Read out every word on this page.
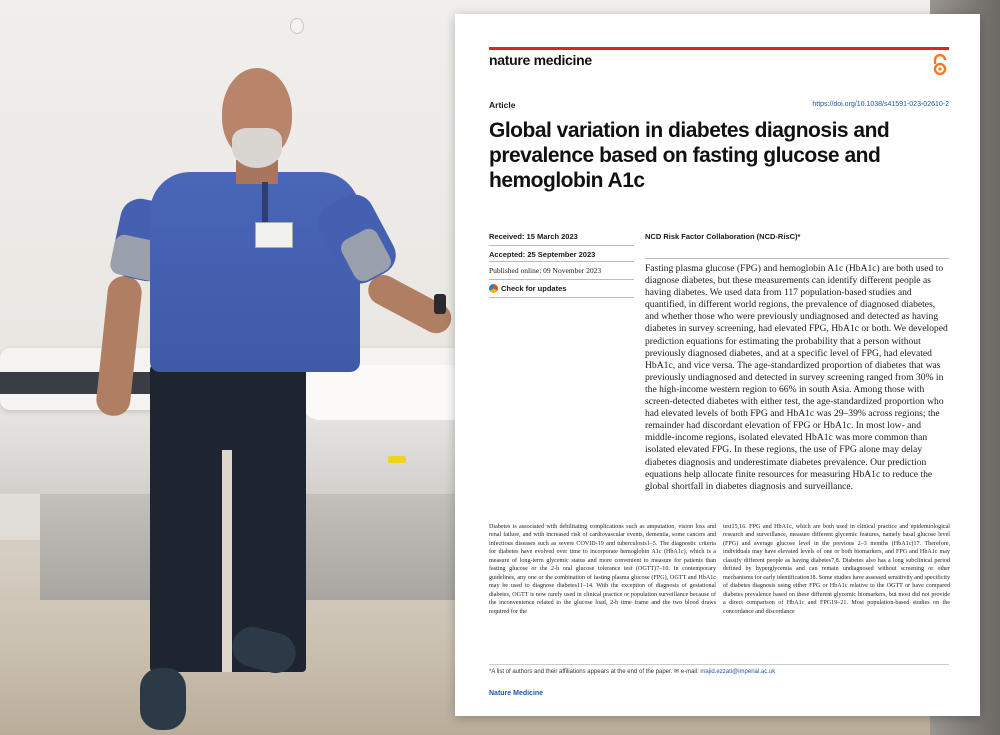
nature medicine
Article	https://doi.org/10.1038/s41591-023-02610-2
Global variation in diabetes diagnosis and prevalence based on fasting glucose and hemoglobin A1c
Received: 15 March 2023
Accepted: 25 September 2023
Published online: 09 November 2023
Check for updates
NCD Risk Factor Collaboration (NCD-RisC)*

Fasting plasma glucose (FPG) and hemoglobin A1c (HbA1c) are both used to diagnose diabetes, but these measurements can identify different people as having diabetes. We used data from 117 population-based studies and quantified, in different world regions, the prevalence of diagnosed diabetes, and whether those who were previously undiagnosed and detected as having diabetes in survey screening, had elevated FPG, HbA1c or both. We developed prediction equations for estimating the probability that a person without previously diagnosed diabetes, and at a specific level of FPG, had elevated HbA1c, and vice versa. The age-standardized proportion of diabetes that was previously undiagnosed and detected in survey screening ranged from 30% in the high-income western region to 66% in south Asia. Among those with screen-detected diabetes with either test, the age-standardized proportion who had elevated levels of both FPG and HbA1c was 29–39% across regions; the remainder had discordant elevation of FPG or HbA1c. In most low- and middle-income regions, isolated elevated HbA1c was more common than isolated elevated FPG. In these regions, the use of FPG alone may delay diabetes diagnosis and underestimate diabetes prevalence. Our prediction equations help allocate finite resources for measuring HbA1c to reduce the global shortfall in diabetes diagnosis and surveillance.

Diabetes is associated with debilitating complications such as amputation, vision loss and renal failure, and with increased risk of cardiovascular events, dementia, some cancers and infectious diseases such as severe COVID-19 and tuberculosis1–5. The diagnostic criteria for diabetes have evolved over time to incorporate hemoglobin A1c (HbA1c), which is a measure of long-term glycemic status and more convenient to measure for patients than fasting glucose or the 2-h oral glucose tolerance test (OGTT)7–10. In contemporary guidelines, any one or the combination of fasting plasma glucose (FPG), OGTT and HbA1c may be used to diagnose diabetes11–14. With the exception of diagnosis of gestational diabetes, OGTT is now rarely used in clinical practice or population surveillance because of the inconvenience related to the glucose load, 2-h time frame and the two blood draws required for the

test15,16. FPG and HbA1c, which are both used in clinical practice and epidemiological research and surveillance, measure different glycemic features, namely basal glucose level (FPG) and average glucose level in the previous 2–3 months (HbA1c)17. Therefore, individuals may have elevated levels of one or both biomarkers, and FPG and HbA1c may classify different people as having diabetes7,8. Diabetes also has a long subclinical period defined by hyperglycemia and can remain undiagnosed without screening or other mechanisms for early identification18. Some studies have assessed sensitivity and specificity of diabetes diagnosis using either FPG or HbA1c relative to the OGTT or have compared diabetes prevalence based on these different glycemic biomarkers, but most did not provide a direct comparison of HbA1c and FPG19–21. Most population-based studies on the concordance and discordance

*A list of authors and their affiliations appears at the end of the paper. ✉ e-mail: majid.ezzati@imperial.ac.uk
Nature Medicine
